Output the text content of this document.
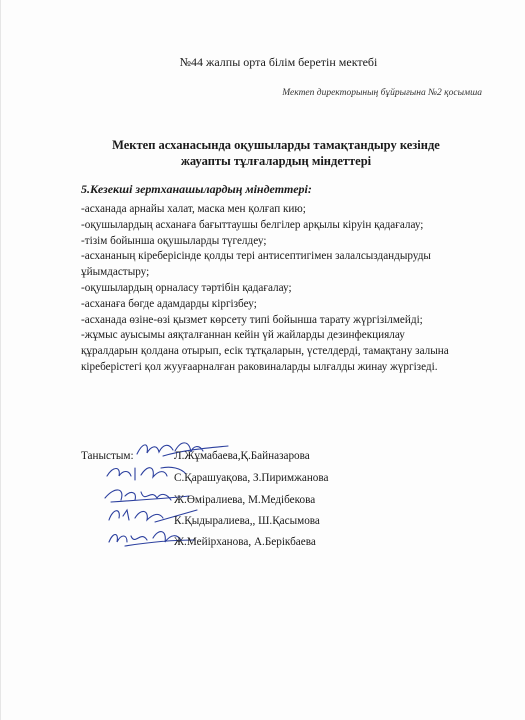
№44 жалпы орта білім беретін мектебі
Мектеп директорының бұйрығына №2 қосымша
Мектеп асханасында оқушыларды тамақтандыру кезінде
жауапты тұлғалардың міндеттері
5.Кезекші зертханашылардың міндеттері:
-асханада арнайы халат, маска мен қолғап кию;
-оқушылардың асханаға бағыттаушы белгілер арқылы кіруін қадағалау;
-тізім бойынша оқушыларды түгелдеу;
-асхананың кіреберісінде қолды тері антисептигімен залалсыздандыруды
ұйымдастыру;
-оқушылардың орналасу тәртібін қадағалау;
-асханаға бөгде адамдарды кіргізбеу;
-асханада өзіне-өзі қызмет көрсету типі бойынша тарату жүргізілмейді;
-жұмыс ауысымы аяқталғаннан кейін үй жайларды дезинфекциялау
құралдарын қолдана отырып, есік тұтқаларын, үстелдерді, тамақтану залына
кіреберістегі қол жууғаарналған раковиналарды ылғалды жинау жүргізеді.
Таныстым:	Л.Жұмабаева,Қ.Байназарова
С.Қарашуақова, З.Пиримжанова
Ж.Өміралиева, М.Медібекова
К.Қыдыралиева,, Ш.Қасымова
Ж.Мейірханова, А.Берікбаева
